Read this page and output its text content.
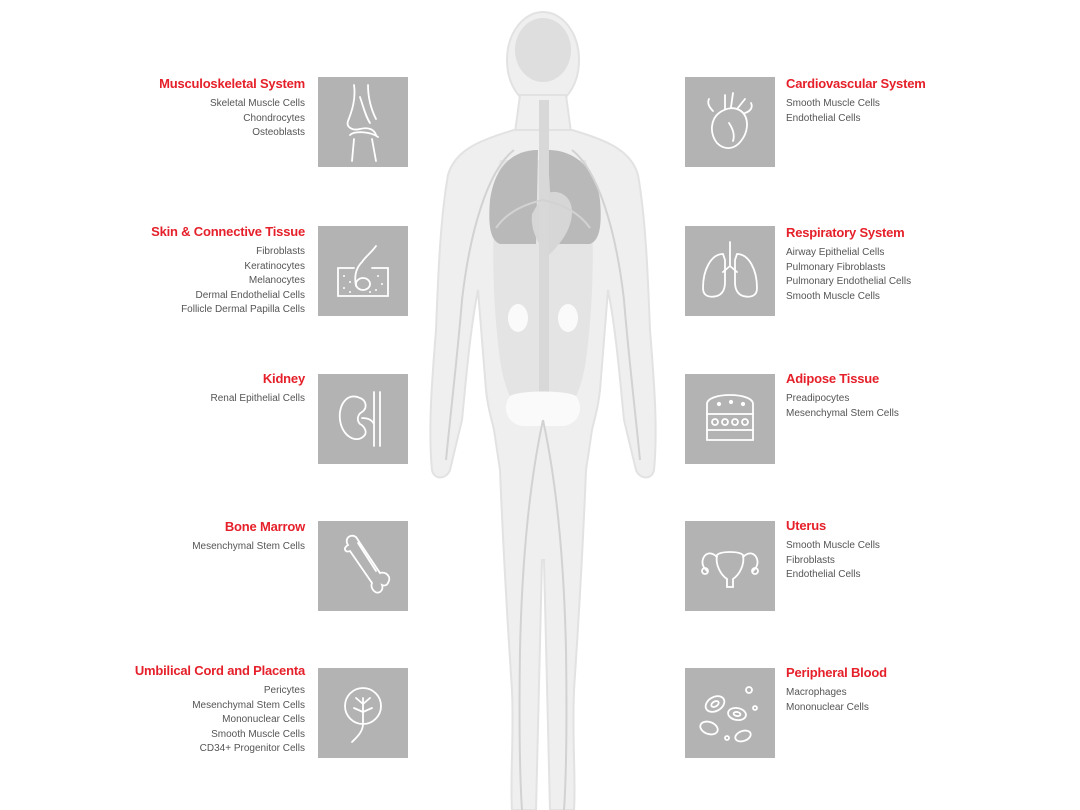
Musculoskeletal System
Skeletal Muscle Cells
Chondrocytes
Osteoblasts
Skin & Connective Tissue
Fibroblasts
Keratinocytes
Melanocytes
Dermal Endothelial Cells
Follicle Dermal Papilla Cells
Kidney
Renal Epithelial Cells
Bone Marrow
Mesenchymal Stem Cells
Umbilical Cord and Placenta
Pericytes
Mesenchymal Stem Cells
Mononuclear Cells
Smooth Muscle Cells
CD34+ Progenitor Cells
Cardiovascular System
Smooth Muscle Cells
Endothelial Cells
Respiratory System
Airway Epithelial Cells
Pulmonary Fibroblasts
Pulmonary Endothelial Cells
Smooth Muscle Cells
Adipose Tissue
Preadipocytes
Mesenchymal Stem Cells
Uterus
Smooth Muscle Cells
Fibroblasts
Endothelial Cells
Peripheral Blood
Macrophages
Mononuclear Cells
